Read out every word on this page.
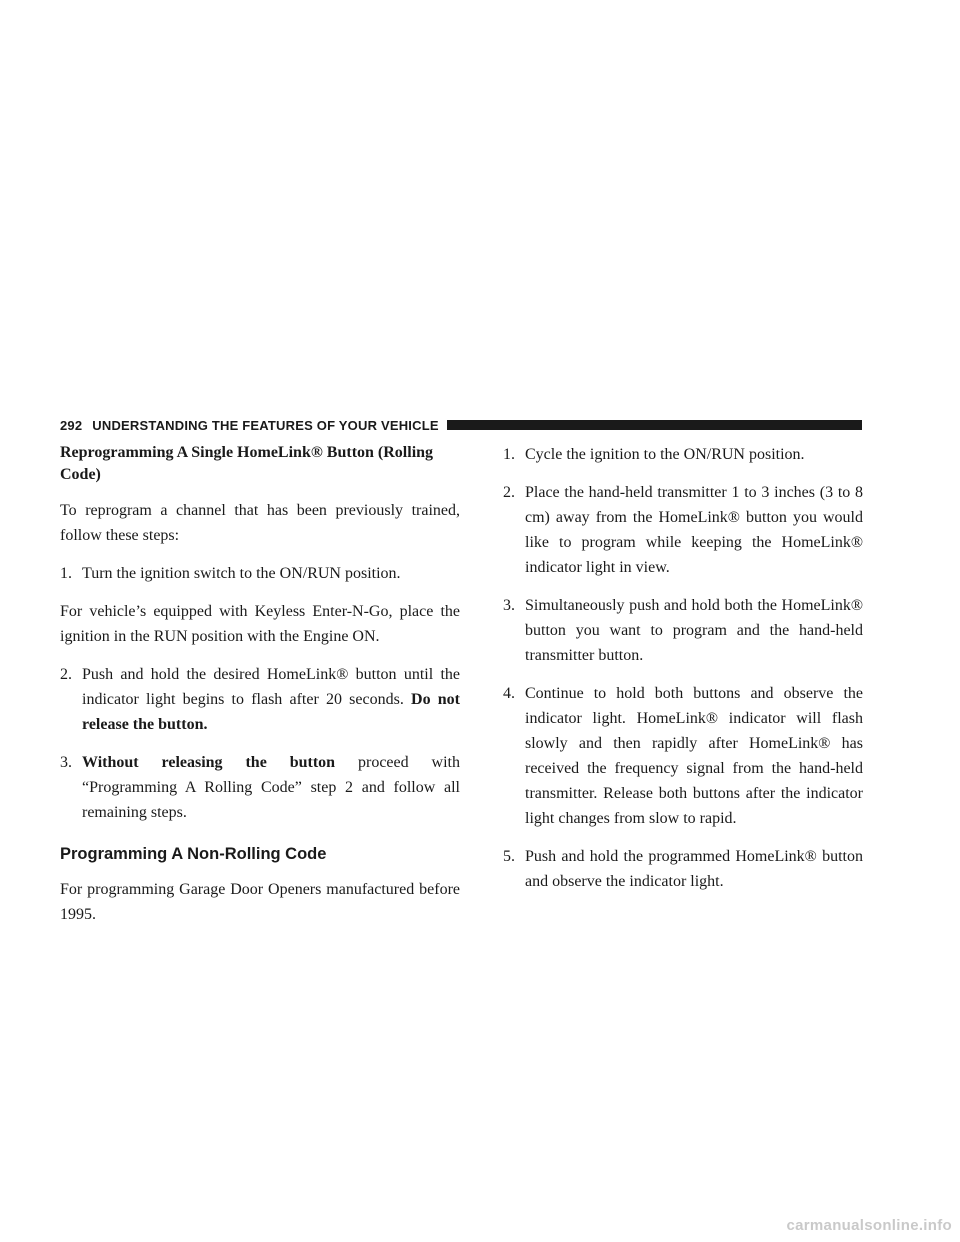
292 UNDERSTANDING THE FEATURES OF YOUR VEHICLE
Reprogramming A Single HomeLink® Button (Rolling Code)

To reprogram a channel that has been previously trained, follow these steps:

1. Turn the ignition switch to the ON/RUN position.

For vehicle’s equipped with Keyless Enter-N-Go, place the ignition in the RUN position with the Engine ON.

2. Push and hold the desired HomeLink® button until the indicator light begins to flash after 20 seconds. Do not release the button.

3. Without releasing the button proceed with “Programming A Rolling Code” step 2 and follow all remaining steps.

Programming A Non-Rolling Code

For programming Garage Door Openers manufactured before 1995.

1. Cycle the ignition to the ON/RUN position.

2. Place the hand-held transmitter 1 to 3 inches (3 to 8 cm) away from the HomeLink® button you would like to program while keeping the HomeLink® indicator light in view.

3. Simultaneously push and hold both the HomeLink® button you want to program and the hand-held transmitter button.

4. Continue to hold both buttons and observe the indicator light. HomeLink® indicator will flash slowly and then rapidly after HomeLink® has received the frequency signal from the hand-held transmitter. Release both buttons after the indicator light changes from slow to rapid.

5. Push and hold the programmed HomeLink® button and observe the indicator light.

carmanualsonline.info
